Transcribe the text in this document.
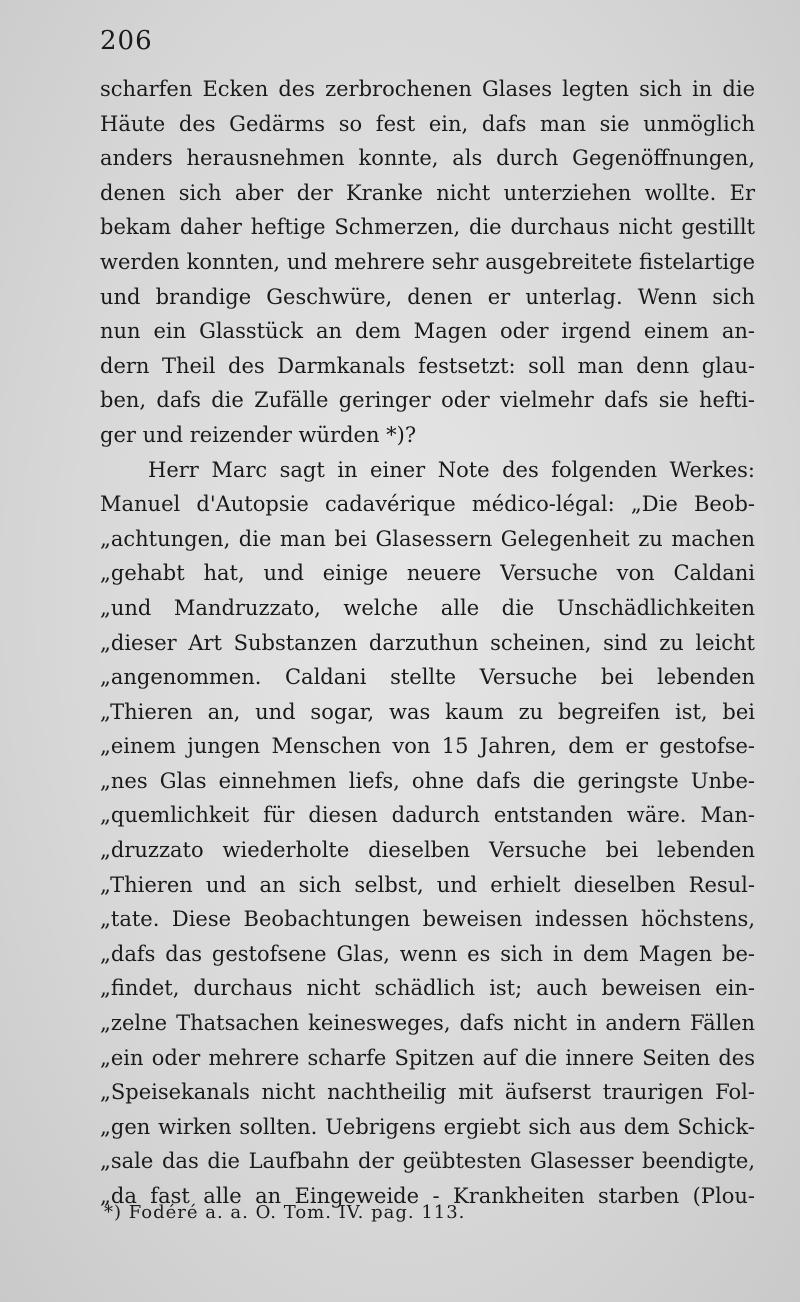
206
scharfen Ecken des zerbrochenen Glases legten sich in die
Häute des Gedärms so fest ein, dafs man sie unmöglich
anders herausnehmen konnte, als durch Gegenöffnungen,
denen sich aber der Kranke nicht unterziehen wollte. Er
bekam daher heftige Schmerzen, die durchaus nicht gestillt
werden konnten, und mehrere sehr ausgebreitete fistelartige
und brandige Geschwüre, denen er unterlag. Wenn sich
nun ein Glasstück an dem Magen oder irgend einem an-
dern Theil des Darmkanals festsetzt: soll man denn glau-
ben, dafs die Zufälle geringer oder vielmehr dafs sie hefti-
ger und reizender würden *)?
Herr Marc sagt in einer Note des folgenden Werkes:
Manuel d'Autopsie cadavérique médico-légal: „Die Beob-
„achtungen, die man bei Glasessern Gelegenheit zu machen
„gehabt hat, und einige neuere Versuche von Caldani
„und Mandruzzato, welche alle die Unschädlichkeiten
„dieser Art Substanzen darzuthun scheinen, sind zu leicht
„angenommen. Caldani stellte Versuche bei lebenden
„Thieren an, und sogar, was kaum zu begreifen ist, bei
„einem jungen Menschen von 15 Jahren, dem er gestofse-
„nes Glas einnehmen liefs, ohne dafs die geringste Unbe-
„quemlichkeit für diesen dadurch entstanden wäre. Man-
„druzzato wiederholte dieselben Versuche bei lebenden
„Thieren und an sich selbst, und erhielt dieselben Resul-
„tate. Diese Beobachtungen beweisen indessen höchstens,
„dafs das gestofsene Glas, wenn es sich in dem Magen be-
„findet, durchaus nicht schädlich ist; auch beweisen ein-
„zelne Thatsachen keinesweges, dafs nicht in andern Fällen
„ein oder mehrere scharfe Spitzen auf die innere Seiten des
„Speisekanals nicht nachtheilig mit äufserst traurigen Fol-
„gen wirken sollten. Uebrigens ergiebt sich aus dem Schick-
„sale das die Laufbahn der geübtesten Glasesser beendigte,
„da fast alle an Eingeweide - Krankheiten starben (Plou-
*) Fodéré a. a. O. Tom. IV. pag. 113.
